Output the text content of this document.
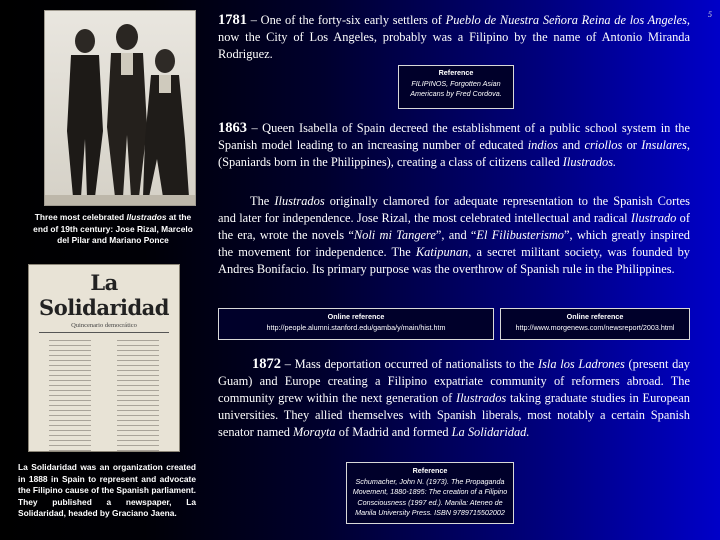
5

1781 – One of the forty-six early settlers of Pueblo de Nuestra Señora Reina de los Angeles, now the City of Los Angeles, probably was a Filipino by the name of Antonio Miranda Rodriguez.

Reference
FILIPINOS, Forgotten Asian Americans by Fred Cordova.
Three most celebrated Ilustrados at the end of 19th century: Jose Rizal, Marcelo del Pilar and Mariano Ponce

1863 – Queen Isabella of Spain decreed the establishment of a public school system in the Spanish model leading to an increasing number of educated indios and criollos or Insulares, (Spaniards born in the Philippines), creating a class of citizens called Ilustrados.

The Ilustrados originally clamored for adequate representation to the Spanish Cortes and later for independence. Jose Rizal, the most celebrated intellectual and radical Ilustrado of the era, wrote the novels “Noli mi Tangere”, and “El Filibusterismo”, which greatly inspired the movement for independence. The Katipunan, a secret militant society, was founded by Andres Bonifacio. Its primary purpose was the overthrow of Spanish rule in the Philippines.

Online reference
http://people.alumni.stanford.edu/gamba/y/main/hist.htm
Online reference
http://www.morgenews.com/newsreport/2003.html
La Solidaridad
Quincenario democrático
La Solidaridad was an organization created in 1888 in Spain to represent and advocate the Filipino cause of the Spanish parliament. They published a newspaper, La Solidaridad, headed by Graciano Jaena.

1872 – Mass deportation occurred of nationalists to the Isla los Ladrones (present day Guam) and Europe creating a Filipino expatriate community of reformers abroad. The community grew within the next generation of Ilustrados taking graduate studies in European universities. They allied themselves with Spanish liberals, most notably a certain Spanish senator named Morayta of Madrid and formed La Solidaridad.

Reference
Schumacher, John N. (1973). The Propaganda Movement, 1880-1895: The creation of a Filipino Consciousness (1997 ed.). Manila: Ateneo de Manila University Press. ISBN 9789715502002
